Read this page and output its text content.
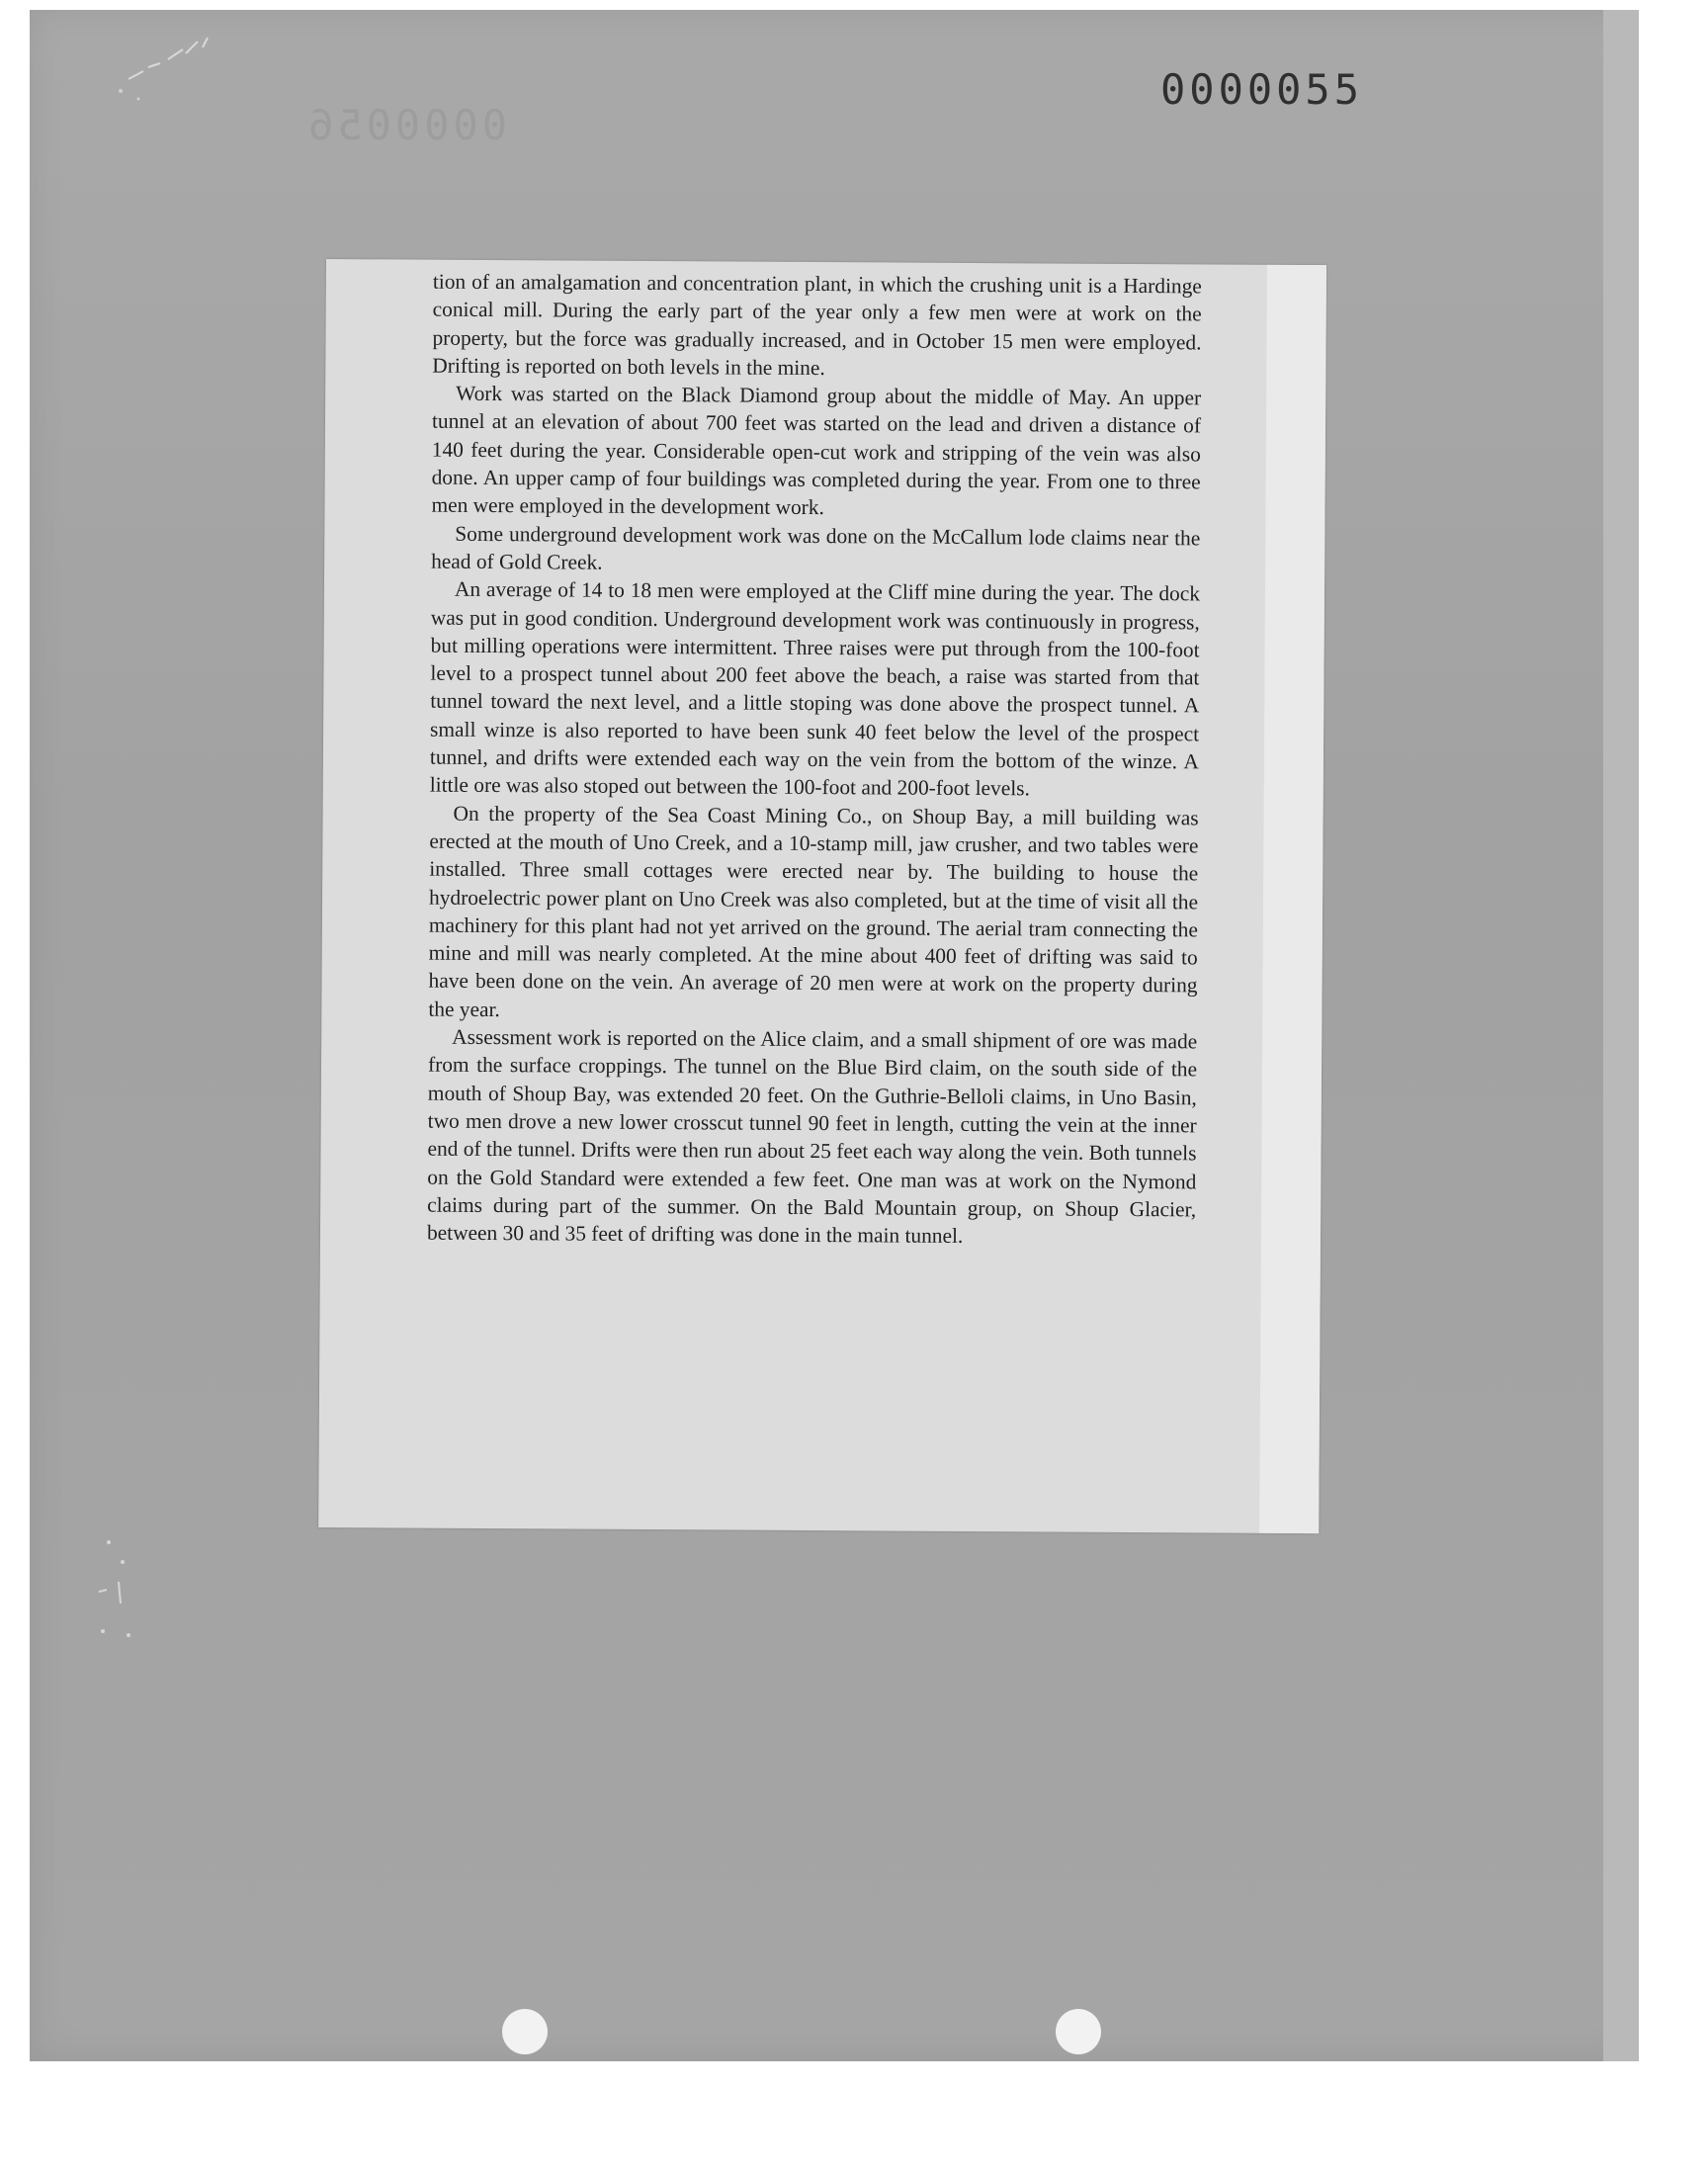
0000056
0000055

tion of an amalgamation and concentration plant, in which the crushing unit is a Hardinge conical mill. During the early part of the year only a few men were at work on the property, but the force was gradually increased, and in October 15 men were employed. Drifting is reported on both levels in the mine.

Work was started on the Black Diamond group about the middle of May. An upper tunnel at an elevation of about 700 feet was started on the lead and driven a distance of 140 feet during the year. Considerable open-cut work and stripping of the vein was also done. An upper camp of four buildings was completed during the year. From one to three men were employed in the development work.

Some underground development work was done on the McCallum lode claims near the head of Gold Creek.

An average of 14 to 18 men were employed at the Cliff mine during the year. The dock was put in good condition. Underground development work was continuously in progress, but milling operations were intermittent. Three raises were put through from the 100-foot level to a prospect tunnel about 200 feet above the beach, a raise was started from that tunnel toward the next level, and a little stoping was done above the prospect tunnel. A small winze is also reported to have been sunk 40 feet below the level of the prospect tunnel, and drifts were extended each way on the vein from the bottom of the winze. A little ore was also stoped out between the 100-foot and 200-foot levels.

On the property of the Sea Coast Mining Co., on Shoup Bay, a mill building was erected at the mouth of Uno Creek, and a 10-stamp mill, jaw crusher, and two tables were installed. Three small cottages were erected near by. The building to house the hydroelectric power plant on Uno Creek was also completed, but at the time of visit all the machinery for this plant had not yet arrived on the ground. The aerial tram connecting the mine and mill was nearly completed. At the mine about 400 feet of drifting was said to have been done on the vein. An average of 20 men were at work on the property during the year.

Assessment work is reported on the Alice claim, and a small shipment of ore was made from the surface croppings. The tunnel on the Blue Bird claim, on the south side of the mouth of Shoup Bay, was extended 20 feet. On the Guthrie-Belloli claims, in Uno Basin, two men drove a new lower crosscut tunnel 90 feet in length, cutting the vein at the inner end of the tunnel. Drifts were then run about 25 feet each way along the vein. Both tunnels on the Gold Standard were extended a few feet. One man was at work on the Nymond claims during part of the summer. On the Bald Mountain group, on Shoup Glacier, between 30 and 35 feet of drifting was done in the main tunnel.
